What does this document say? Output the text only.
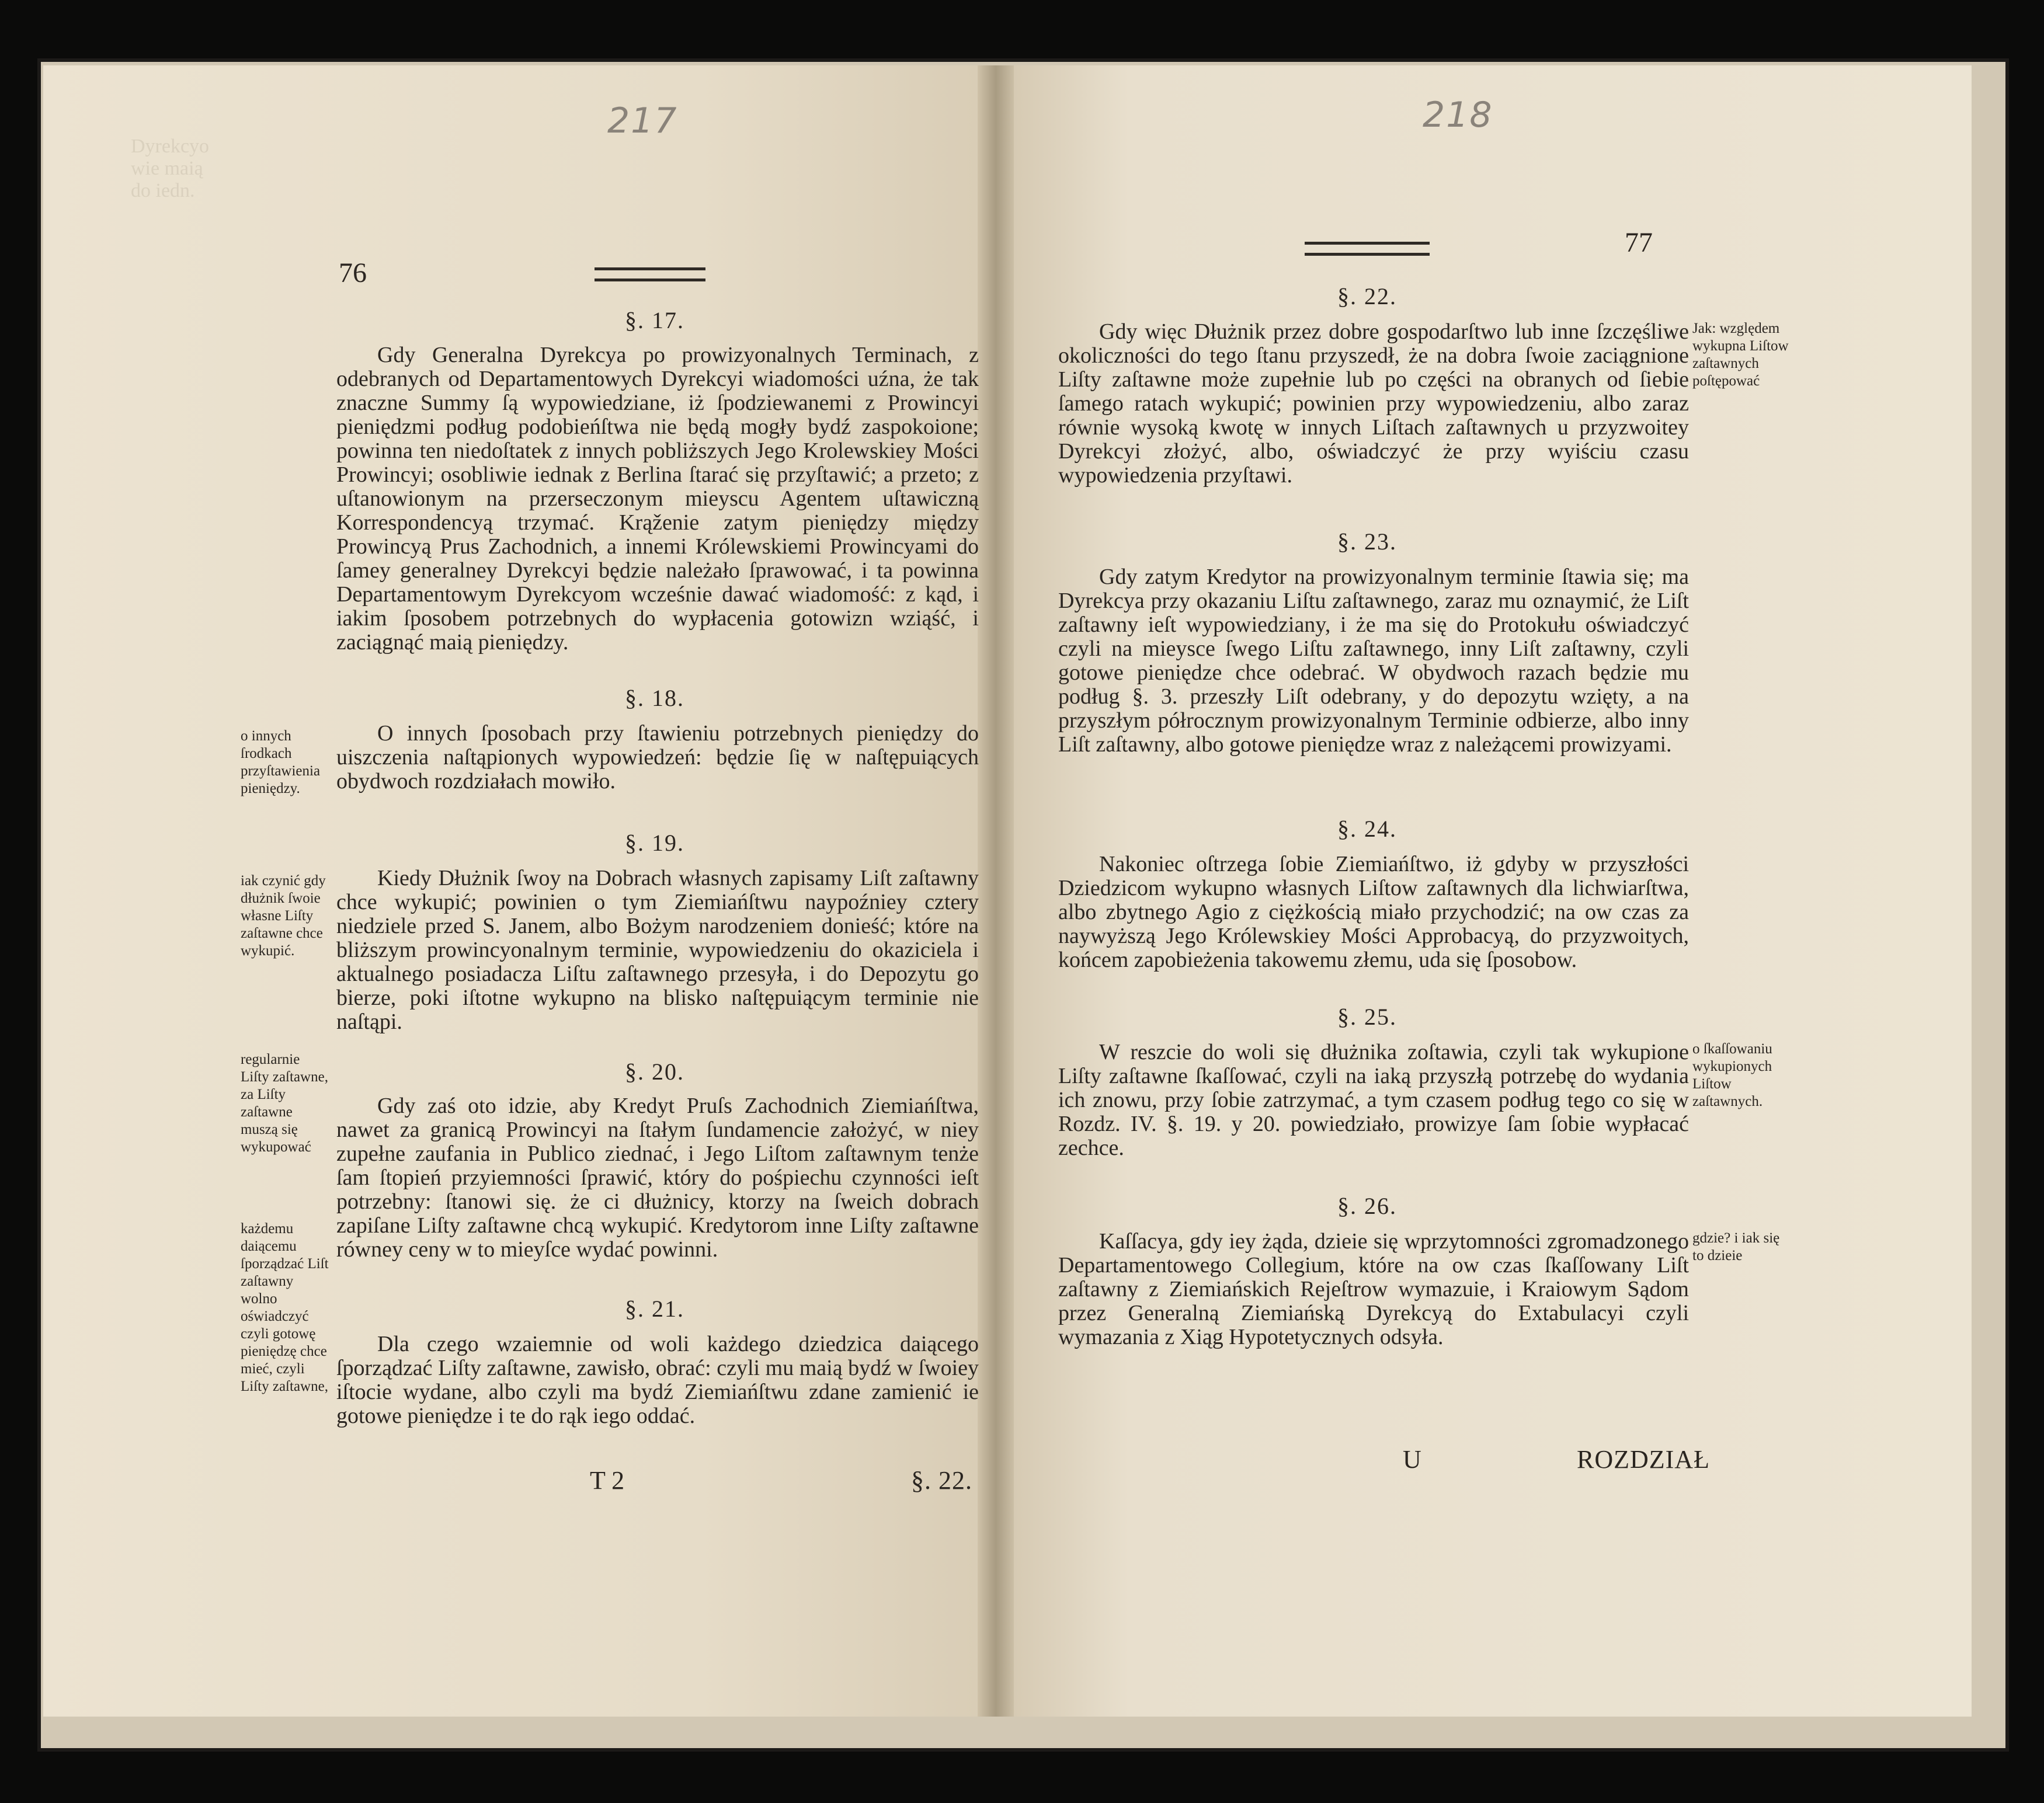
Dyrekcyo
wie maią
do iedn.
217
76
§. 17.

Gdy Generalna Dyrekcya po prowizyonalnych Terminach, z odebranych od Departamentowych Dyrekcyi wiadomości uźna, że tak znaczne Summy ſą wypowiedziane, iż ſpodziewanemi z Prowincyi pieniędzmi podług podobieńſtwa nie będą mogły bydź zaspokoione; powinna ten niedoſtatek z innych pobliższych Jego Krolewskiey Mości Prowincyi; osobliwie iednak z Berlina ſtarać się przyſtawić; a przeto; z uſtanowionym na przerseczonym mieyscu Agentem uſtawiczną Korrespondencyą trzymać. Krąženie zatym pieniędzy między Prowincyą Prus Zachodnich, a innemi Królewskiemi Prowincyami do ſamey generalney Dyrekcyi będzie należało ſprawować, i ta powinna Departamentowym Dyrekcyom wcześnie dawać wiadomość: z kąd, i iakim ſposobem potrzebnych do wypłacenia gotowizn wziąść, i zaciągnąć maią pieniędzy.

§. 18.

O innych ſposobach przy ſtawieniu potrzebnych pieniędzy do uiszczenia naſtąpionych wypowiedzeń: będzie ſię w naſtępuiących obydwoch rozdziałach mowiło.

o innych ſrodkach przyſtawienia pieniędzy.
§. 19.

Kiedy Dłużnik ſwoy na Dobrach własnych zapisamy Liſt zaſtawny chce wykupić; powinien o tym Ziemiańſtwu naypoźniey cztery niedziele przed S. Janem, albo Bożym narodzeniem donieść; które na bliższym prowincyonalnym terminie, wypowiedzeniu do okaziciela i aktualnego posiadacza Liſtu zaſtawnego przesyła, i do Depozytu go bierze, poki iſtotne wykupno na blisko naſtępuiącym terminie nie naſtąpi.

iak czynić gdy dłużnik ſwoie własne Liſty zaſtawne chce wykupić.
§. 20.

Gdy zaś oto idzie, aby Kredyt Pruſs Zachodnich Ziemiańſtwa, nawet za granicą Prowincyi na ſtałym ſundamencie założyć, w niey zupełne zaufania in Publico ziednać, i Jego Liſtom zaſtawnym tenże ſam ſtopień przyiemności ſprawić, który do pośpiechu czynności ieſt potrzebny: ſtanowi się. że ci dłużnicy, ktorzy na ſweich dobrach zapiſane Liſty zaſtawne chcą wykupić. Kredytorom inne Liſty zaſtawne równey ceny w to mieyſce wydać powinni.

regularnie Liſty zaſtawne, za Liſty zaſtawne muszą się wykupować
§. 21.

Dla czego wzaiemnie od woli każdego dziedzica daiącego ſporządzać Liſty zaſtawne, zawisło, obrać: czyli mu maią bydź w ſwoiey iſtocie wydane, albo czyli ma bydź Ziemiańſtwu zdane zamienić ie gotowe pieniędze i te do rąk iego oddać.

każdemu daiącemu ſporządzać Liſt zaſtawny wolno oświadczyć czyli gotowę pieniędzę chce mieć, czyli Liſty zaſtawne,
T 2	§. 22.
218
77
§. 22.

Gdy więc Dłużnik przez dobre gospodarſtwo lub inne ſzczęśliwe okoliczności do tego ſtanu przyszedł, że na dobra ſwoie zaciągnione Liſty zaſtawne może zupełnie lub po części na obranych od ſiebie ſamego ratach wykupić; powinien przy wypowiedzeniu, albo zaraz równie wysoką kwotę w innych Liſtach zaſtawnych u przyzwoitey Dyrekcyi złożyć, albo, oświadczyć że przy wyiściu czasu wypowiedzenia przyſtawi.

Jak: względem wykupna Liſtow zaſtawnych poſtępować
§. 23.

Gdy zatym Kredytor na prowizyonalnym terminie ſtawia się; ma Dyrekcya przy okazaniu Liſtu zaſtawnego, zaraz mu oznaymić, że Liſt zaſtawny ieſt wypowiedziany, i że ma się do Protokułu oświadczyć czyli na mieysce ſwego Liſtu zaſtawnego, inny Liſt zaſtawny, czyli gotowe pieniędze chce odebrać. W obydwoch razach będzie mu podług §. 3. przeszły Liſt odebrany, y do depozytu wzięty, a na przyszłym półrocznym prowizyonalnym Terminie odbierze, albo inny Liſt zaſtawny, albo gotowe pieniędze wraz z należącemi prowizyami.

§. 24.

Nakoniec oſtrzega ſobie Ziemiańſtwo, iż gdyby w przyszłości Dziedzicom wykupno własnych Liſtow zaſtawnych dla lichwiarſtwa, albo zbytnego Agio z ciężkością miało przychodzić; na ow czas za naywyższą Jego Królewskiey Mości Approbacyą, do przyzwoitych, końcem zapobieżenia takowemu złemu, uda się ſposobow.

§. 25.

W reszcie do woli się dłużnika zoſtawia, czyli tak wykupione Liſty zaſtawne ſkaſſować, czyli na iaką przyszłą potrzebę do wydania ich znowu, przy ſobie zatrzymać, a tym czasem podług tego co się w Rozdz. IV. §. 19. y 20. powiedziało, prowizye ſam ſobie wypłacać zechce.

o ſkaſſowaniu wykupionych Liſtow zaſtawnych.
§. 26.

Kaſſacya, gdy iey żąda, dzieie się wprzytomności zgromadzonego Departamentowego Collegium, które na ow czas ſkaſſowany Liſt zaſtawny z Ziemiańskich Rejeſtrow wymazuie, i Kraiowym Sądom przez Generalną Ziemiańską Dyrekcyą do Extabulacyi czyli wymazania z Xiąg Hypotetycznych odsyła.

gdzie? i iak się to dzieie
U	ROZDZIAŁ
